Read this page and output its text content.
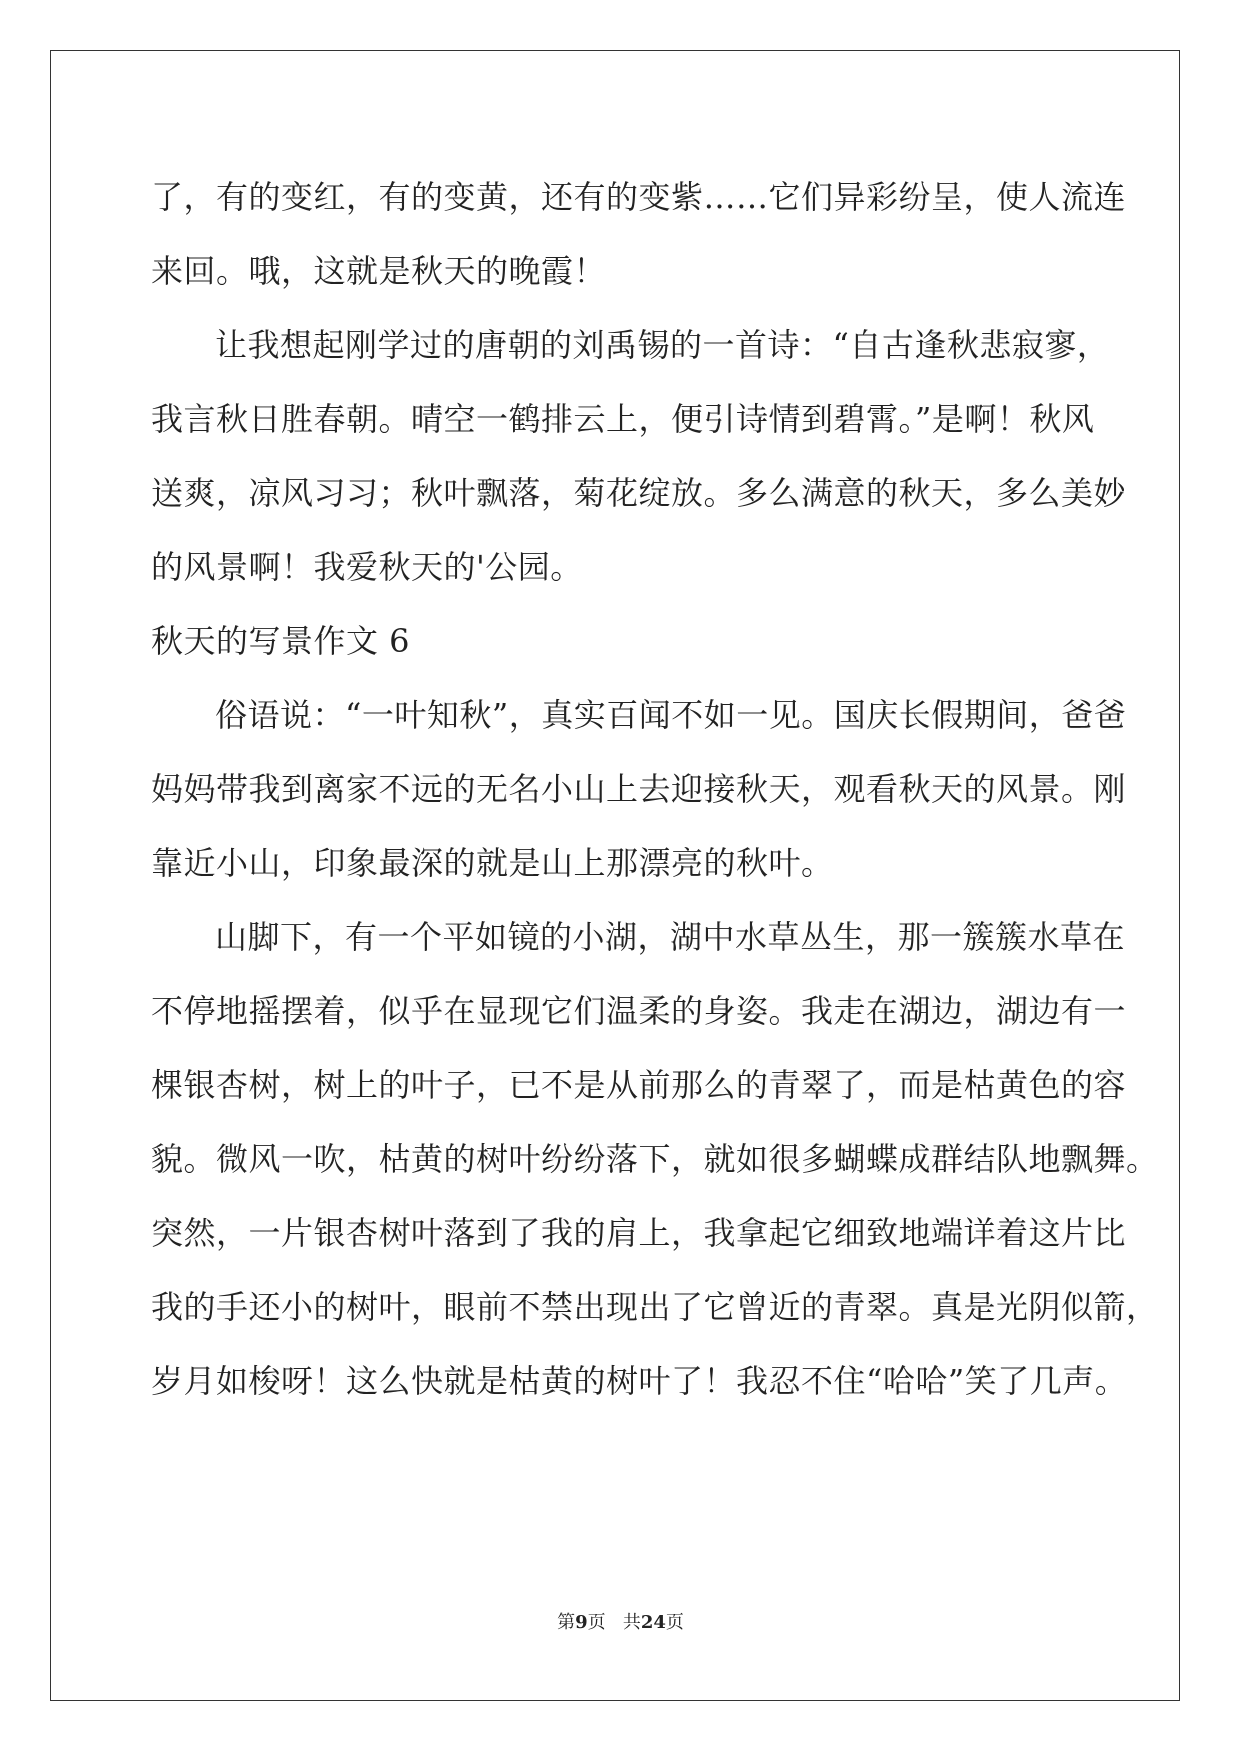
了，有的变红，有的变黄，还有的变紫……它们异彩纷呈，使人流连
来回。哦，这就是秋天的晚霞！
让我想起刚学过的唐朝的刘禹锡的一首诗：“自古逢秋悲寂寥，
我言秋日胜春朝。晴空一鹤排云上，便引诗情到碧霄。”是啊！秋风
送爽，凉风习习；秋叶飘落，菊花绽放。多么满意的秋天，多么美妙
的风景啊！我爱秋天的'公园。
秋天的写景作文 6
俗语说：“一叶知秋”，真实百闻不如一见。国庆长假期间，爸爸
妈妈带我到离家不远的无名小山上去迎接秋天，观看秋天的风景。刚
靠近小山，印象最深的就是山上那漂亮的秋叶。
山脚下，有一个平如镜的小湖，湖中水草丛生，那一簇簇水草在
不停地摇摆着，似乎在显现它们温柔的身姿。我走在湖边，湖边有一
棵银杏树，树上的叶子，已不是从前那么的青翠了，而是枯黄色的容
貌。微风一吹，枯黄的树叶纷纷落下，就如很多蝴蝶成群结队地飘舞。
突然，一片银杏树叶落到了我的肩上，我拿起它细致地端详着这片比
我的手还小的树叶，眼前不禁出现出了它曾近的青翠。真是光阴似箭，
岁月如梭呀！这么快就是枯黄的树叶了！我忍不住“哈哈”笑了几声。
第9页 共24页
